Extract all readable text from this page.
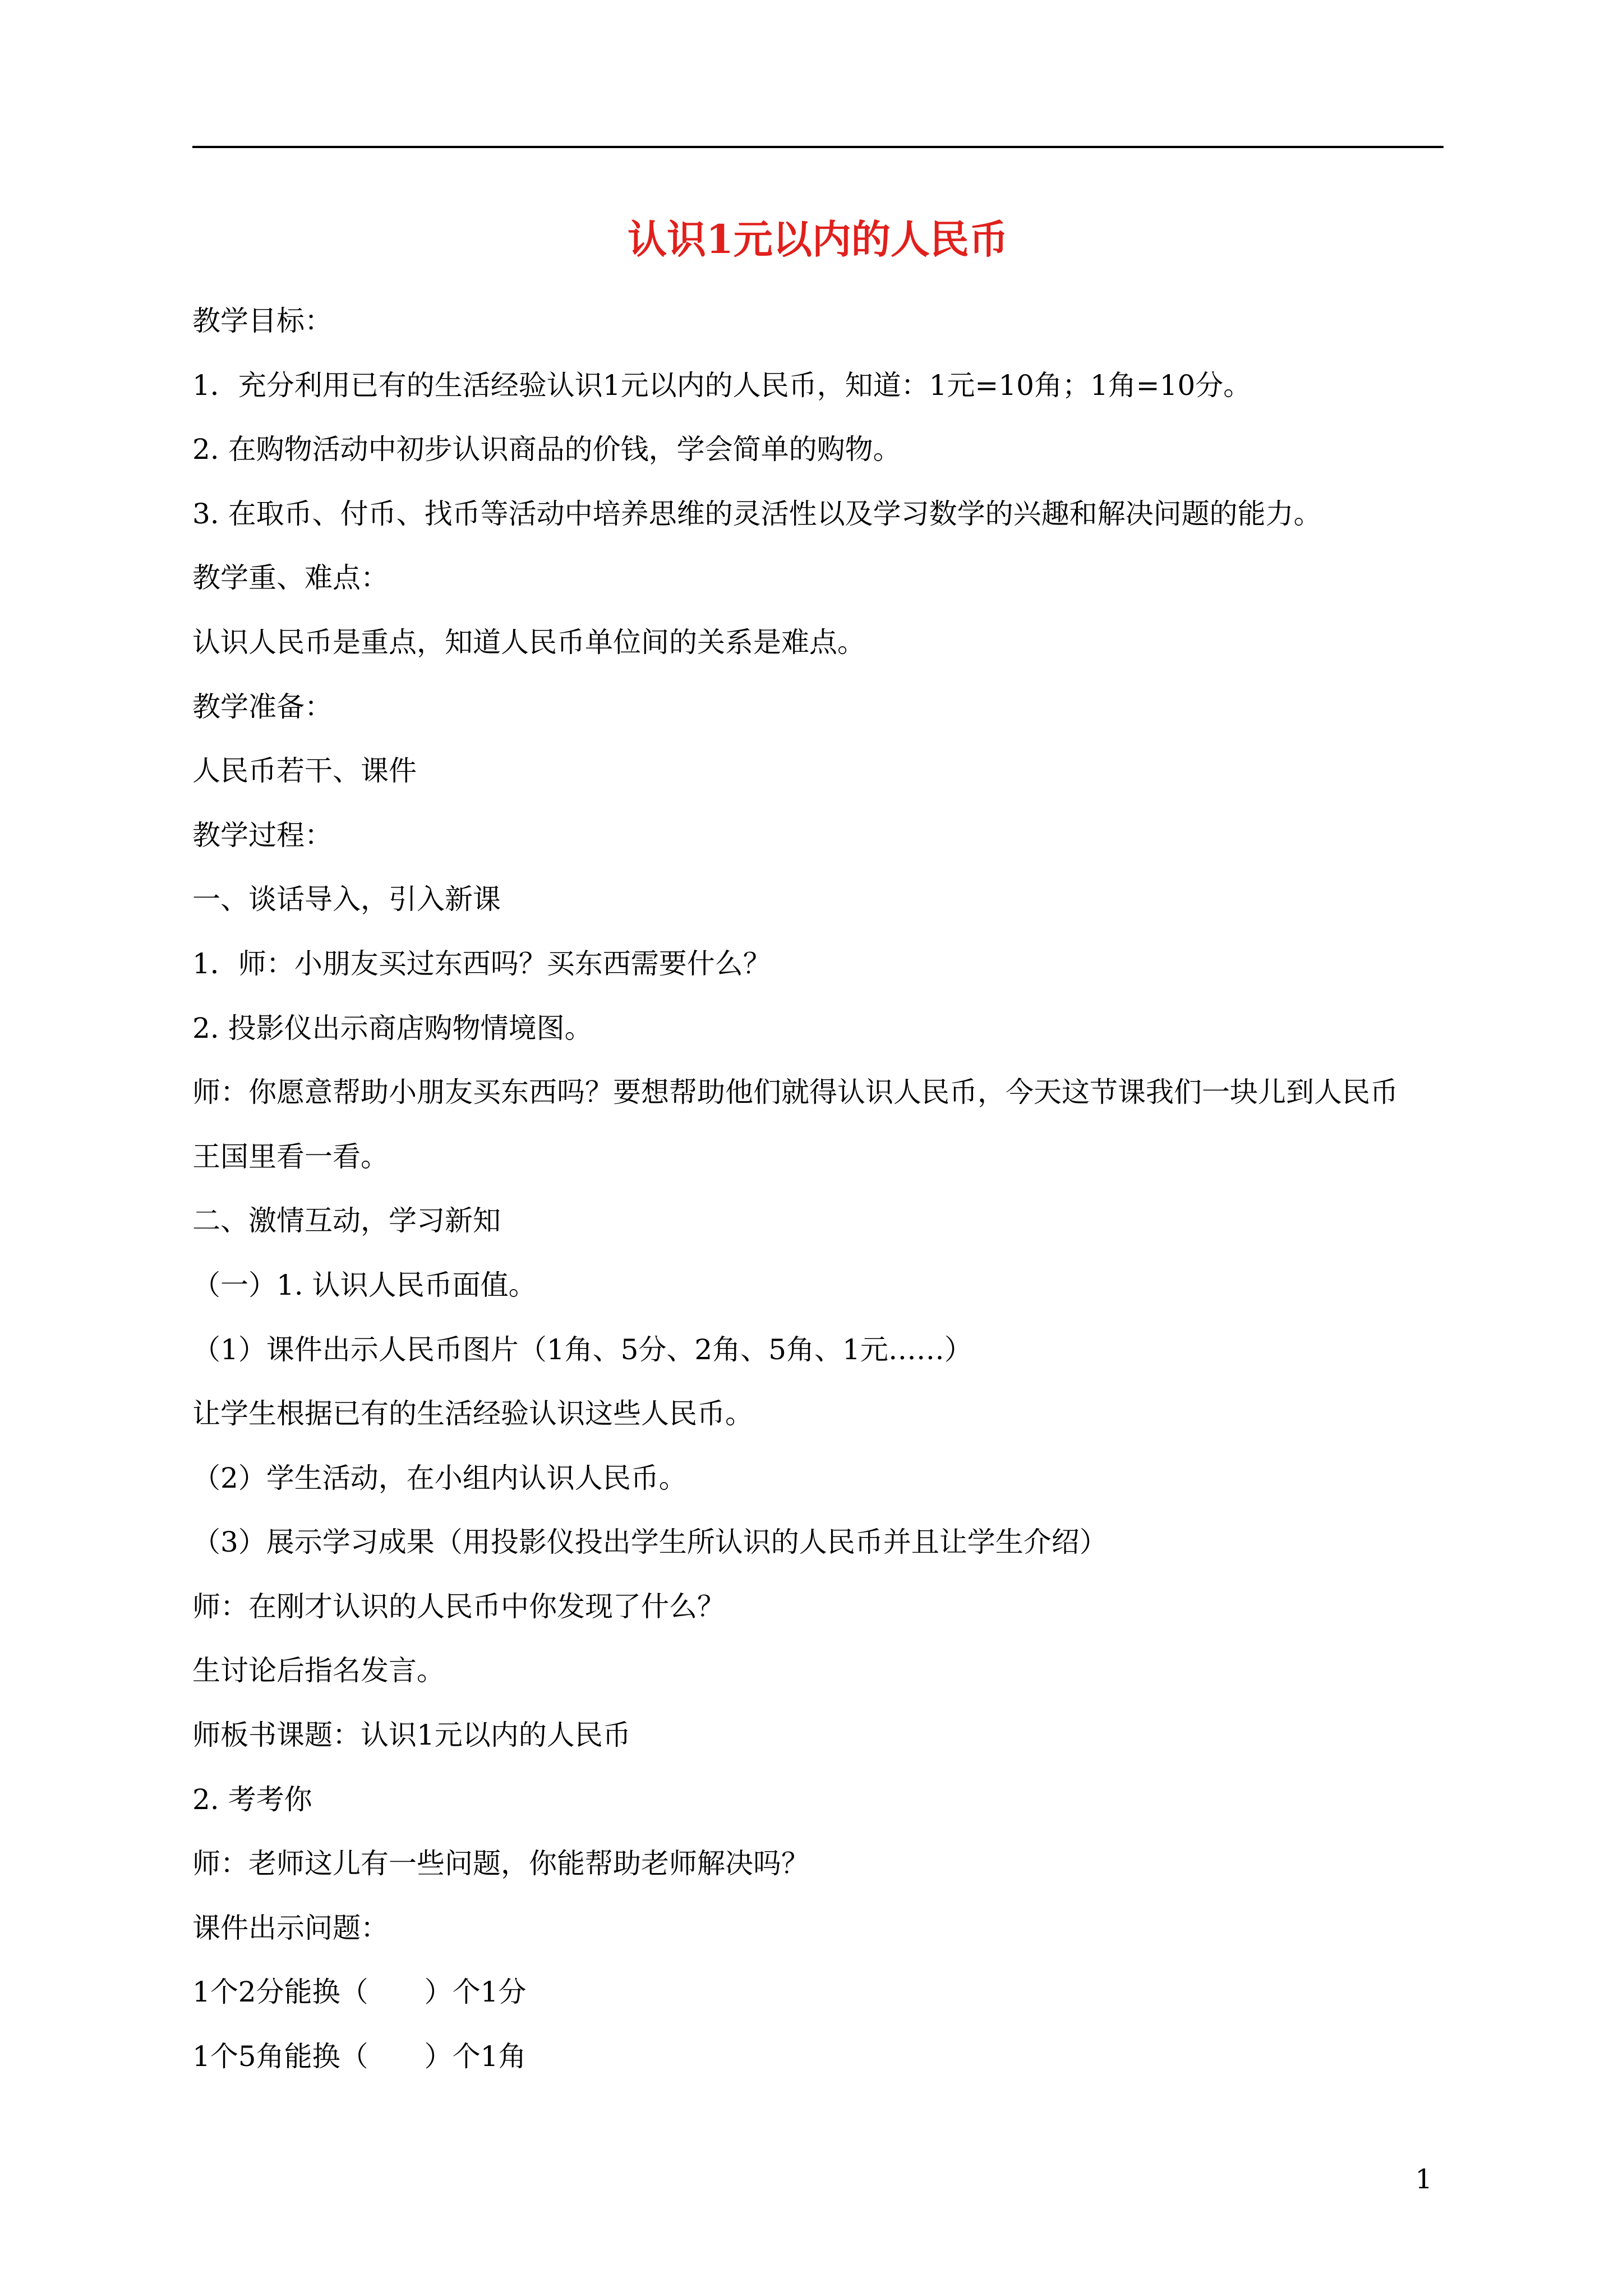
认识1元以内的人民币
教学目标：
1．充分利用已有的生活经验认识1元以内的人民币，知道：1元=10角；1角=10分。
2. 在购物活动中初步认识商品的价钱，学会简单的购物。
3. 在取币、付币、找币等活动中培养思维的灵活性以及学习数学的兴趣和解决问题的能力。
教学重、难点：
认识人民币是重点，知道人民币单位间的关系是难点。
教学准备：
人民币若干、课件
教学过程：
一、谈话导入，引入新课
1．师：小朋友买过东西吗？买东西需要什么？
2. 投影仪出示商店购物情境图。
师：你愿意帮助小朋友买东西吗？要想帮助他们就得认识人民币，今天这节课我们一块儿到人民币
王国里看一看。
二、激情互动，学习新知
（一）1. 认识人民币面值。
（1）课件出示人民币图片（1角、5分、2角、5角、1元……）
让学生根据已有的生活经验认识这些人民币。
（2）学生活动，在小组内认识人民币。
（3）展示学习成果（用投影仪投出学生所认识的人民币并且让学生介绍）
师：在刚才认识的人民币中你发现了什么？
生讨论后指名发言。
师板书课题：认识1元以内的人民币
2. 考考你
师：老师这儿有一些问题，你能帮助老师解决吗？
课件出示问题：
1个2分能换（　　）个1分
1个5角能换（　　）个1角
1
